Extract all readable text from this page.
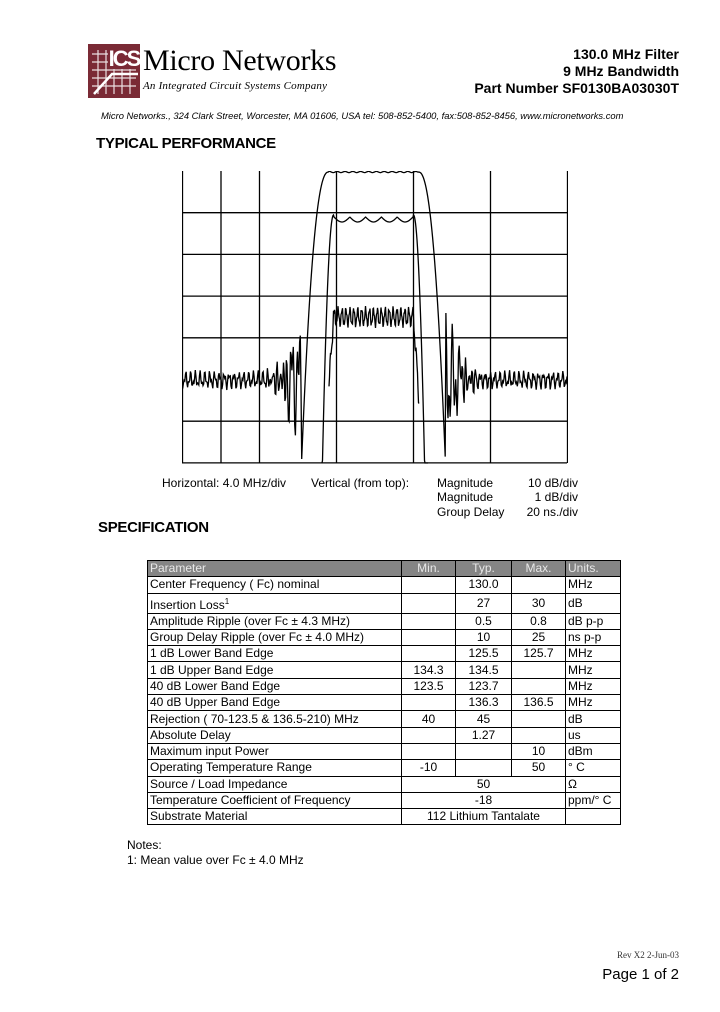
ICS Micro Networks
An Integrated Circuit Systems Company
130.0 MHz Filter
9 MHz Bandwidth
Part Number SF0130BA03030T
Micro Networks., 324 Clark Street, Worcester, MA 01606, USA tel: 508-852-5400, fax:508-852-8456, www.micronetworks.com
TYPICAL PERFORMANCE
Horizontal: 4.0 MHz/div Vertical (from top): Magnitude	10 dB/div
Magnitude	1 dB/div
Group Delay 20 ns./div
SPECIFICATION
Parameter	Min.	Typ.	Max.	Units.
Center Frequency ( Fc) nominal		130.0		MHz
Insertion Loss$^1$		27	30	dB
Amplitude Ripple (over Fc ± 4.3 MHz)		0.5	0.8	dB p-p
Group Delay Ripple (over Fc ± 4.0 MHz)		10	25	ns p-p
1 dB Lower Band Edge		125.5	125.7	MHz
1 dB Upper Band Edge	134.3	134.5		MHz
40 dB Lower Band Edge	123.5	123.7		MHz
40 dB Upper Band Edge		136.3	136.5	MHz
Rejection ( 70-123.5 & 136.5-210) MHz	40	45		dB
Absolute Delay		1.27		us
Maximum input Power			10	dBm
Operating Temperature Range	-10		50	° C
Source / Load Impedance	50			Ω
Temperature Coefficient of Frequency	-18			ppm/° C
Substrate Material	112 Lithium Tantalate			
Notes:
1: Mean value over Fc ± 4.0 MHz
Rev X2 2-Jun-03
Page 1 of 2
